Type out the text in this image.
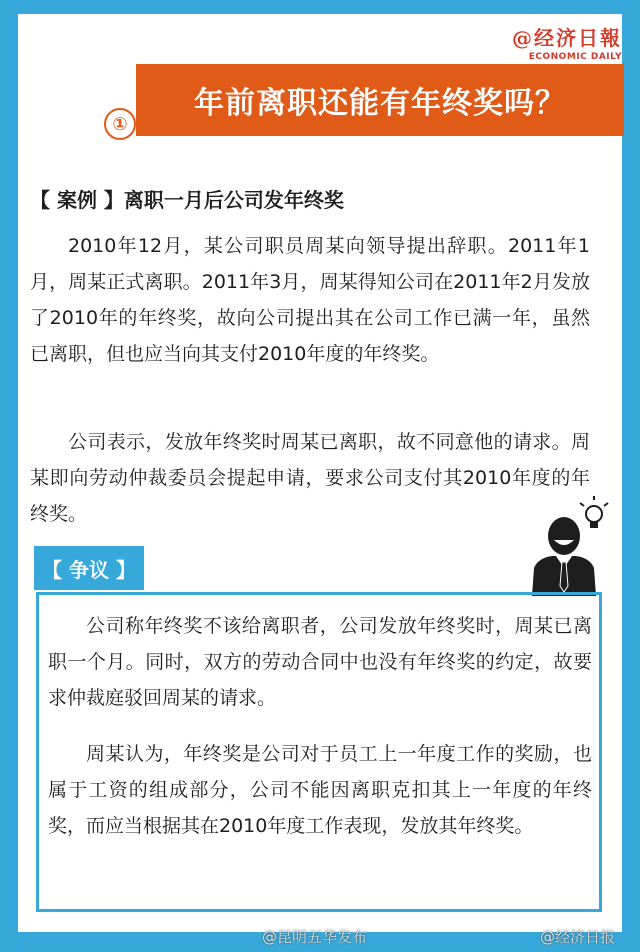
@经济日報
ECONOMIC DAILY
年前离职还能有年终奖吗？
①
【 案例 】离职一月后公司发年终奖

2010年12月，某公司职员周某向领导提出辞职。2011年1月，周某正式离职。2011年3月，周某得知公司在2011年2月发放了2010年的年终奖，故向公司提出其在公司工作已满一年，虽然已离职，但也应当向其支付2010年度的年终奖。

公司表示，发放年终奖时周某已离职，故不同意他的请求。周某即向劳动仲裁委员会提起申请，要求公司支付其2010年度的年终奖。

【 争议 】

公司称年终奖不该给离职者，公司发放年终奖时，周某已离职一个月。同时，双方的劳动合同中也没有年终奖的约定，故要求仲裁庭驳回周某的请求。

周某认为，年终奖是公司对于员工上一年度工作的奖励，也属于工资的组成部分，公司不能因离职克扣其上一年度的年终奖，而应当根据其在2010年度工作表现，发放其年终奖。

@昆明五华发布	@经济日报
